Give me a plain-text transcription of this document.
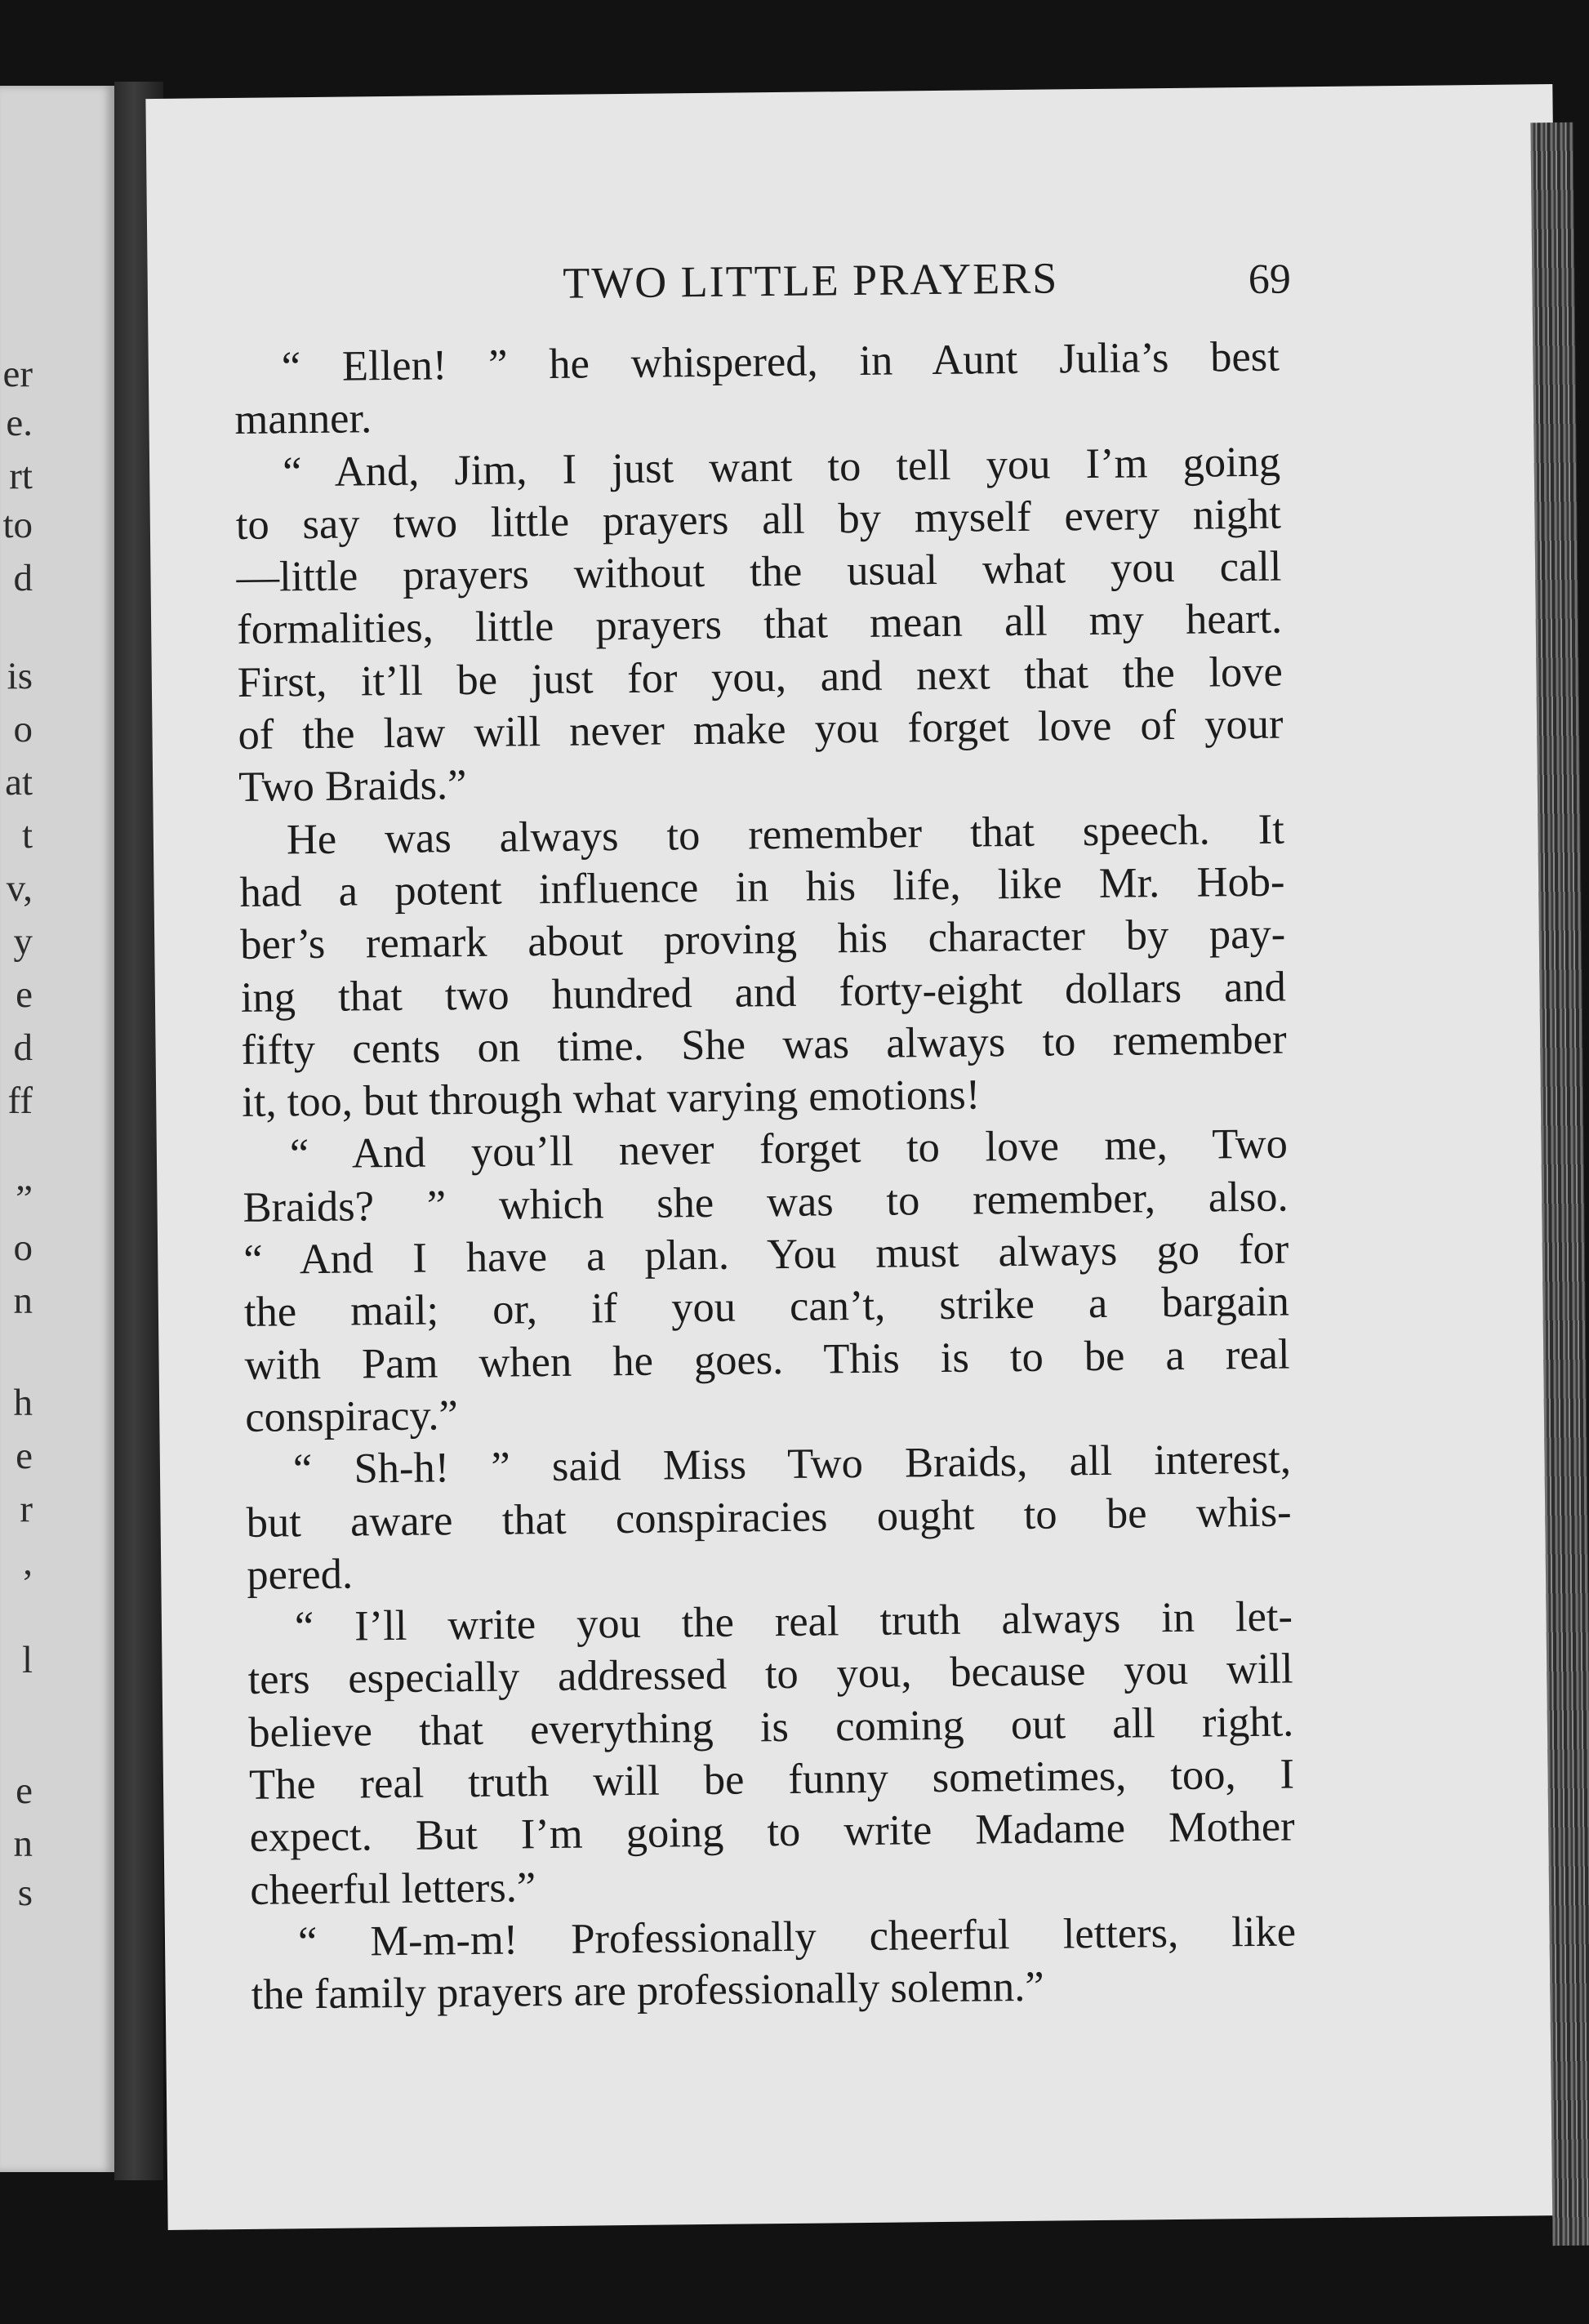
er
e.
rt
to
d
is
o
at
t
v,
y
e
d
ff
”
o
n
h
e
r
,
l
e
n
s
TWO LITTLE PRAYERS	69
“ Ellen! ” he whispered, in Aunt Julia’s best
manner.
“ And, Jim, I just want to tell you I’m going
to say two little prayers all by myself every night
—little prayers without the usual what you call
formalities, little prayers that mean all my heart.
First, it’ll be just for you, and next that the love
of the law will never make you forget love of your
Two Braids.”
He was always to remember that speech. It
had a potent influence in his life, like Mr. Hob-
ber’s remark about proving his character by pay-
ing that two hundred and forty-eight dollars and
fifty cents on time. She was always to remember
it, too, but through what varying emotions!
“ And you’ll never forget to love me, Two
Braids? ” which she was to remember, also.
“ And I have a plan. You must always go for
the mail; or, if you can’t, strike a bargain
with Pam when he goes. This is to be a real
conspiracy.”
“ Sh-h! ” said Miss Two Braids, all interest,
but aware that conspiracies ought to be whis-
pered.
“ I’ll write you the real truth always in let-
ters especially addressed to you, because you will
believe that everything is coming out all right.
The real truth will be funny sometimes, too, I
expect. But I’m going to write Madame Mother
cheerful letters.”
“ M-m-m! Professionally cheerful letters, like
the family prayers are professionally solemn.”
